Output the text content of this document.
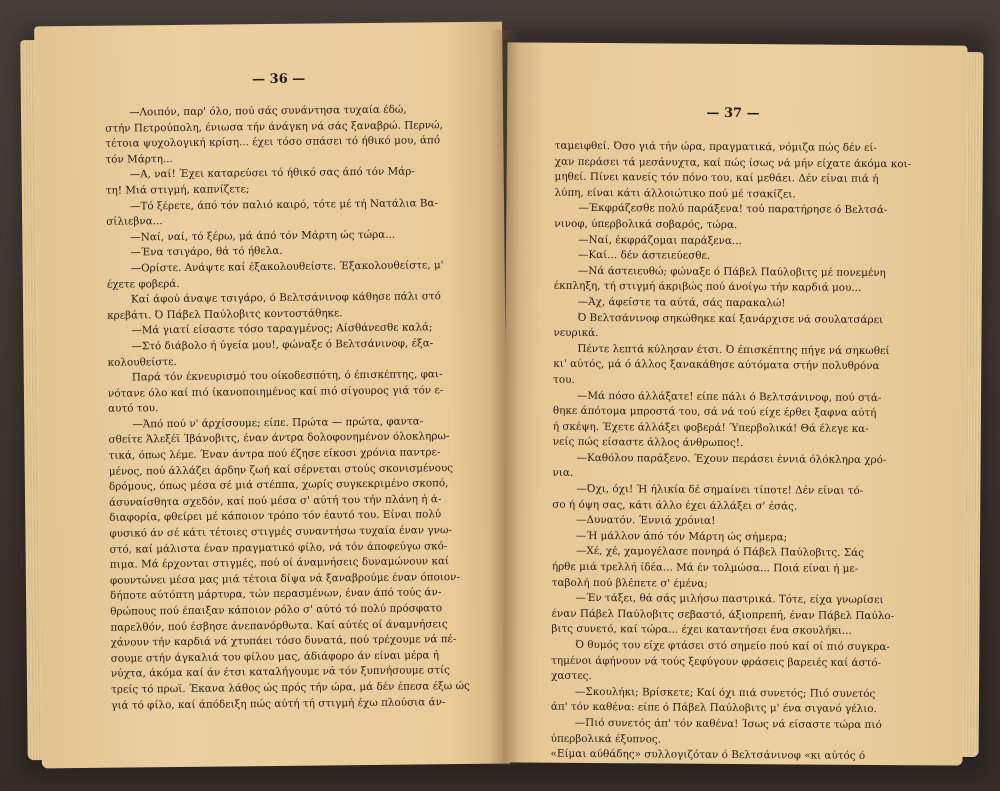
— 36 —
—Λοιπόν, παρ' όλο, πού σάς συνάντησα τυχαία έδώ,
στήν Πετρούπολη, ένιωσα τήν άνάγκη νά σάς ξαναβρώ. Περνώ,
τέτοια ψυχολογική κρίση... έχει τόσο σπάσει τό ήθικό μου, άπό
τόν Μάρτη...
—Α, ναί! Έχει καταρεύσει τό ήθικό σας άπό τόν Μάρ-
τη! Μιά στιγμή, καπνίζετε;
—Τό ξέρετε, άπό τόν παλιό καιρό, τότε μέ τή Νατάλια Βα-
σίλιεβνα...
—Ναί, ναί, τό ξέρω, μά άπό τόν Μάρτη ώς τώρα...
—Ένα τσιγάρο, θά τό ήθελα.
—Ορίστε. Ανάψτε καί έξακολουθείστε. Έξακολουθείστε, μ'
έχετε φοβερά.
Καί άφού άναψε τσιγάρο, ό Βελτσάνινοφ κάθησε πάλι στό
κρεβάτι. Ό Πάβελ Παύλοβιτς κοντοστάθηκε.
—Μά γιατί είσαστε τόσο ταραγμένος; Αίσθάνεσθε καλά;
—Στό διάβολο ή ύγεία μου!, φώναξε ό Βελτσάνινοφ, έξα-
κολουθείστε.
Παρά τόν έκνευρισμό του οίκοδεσπότη, ό έπισκέπτης, φαι-
νότανε όλο καί πιό ίκανοποιημένος καί πιό σίγουρος γιά τόν ε-
αυτό του.
—Άπό πού ν' άρχίσουμε; είπε. Πρώτα — πρώτα, φαντα-
σθείτε Άλεξέϊ Ίβάνοβιτς, έναν άντρα δολοφονημένον όλοκληρω-
τικά, όπως λέμε. Έναν άντρα πού έζησε είκοσι χρόνια παντρε-
μένος, πού άλλάζει άρδην ζωή καί σέρνεται στούς σκονισμένους
δρόμους, όπως μέσα σέ μιά στέππα, χωρίς συγκεκριμένο σκοπό,
άσυναίσθητα σχεδόν, καί πού μέσα σ' αύτή του τήν πλάνη ή ά-
διαφορία, φθείρει μέ κάποιον τρόπο τόν έαυτό του. Είναι πολύ
φυσικό άν σέ κάτι τέτοιες στιγμές συναντήσω τυχαία έναν γνω-
στό, καί μάλιστα έναν πραγματικό φίλο, νά τόν άποφεύγω σκό-
πιμα. Μά έρχονται στιγμές, πού οί άναμνήσεις δυναμώνουν καί
φουντώνει μέσα μας μιά τέτοια δίψα νά ξαναβρούμε έναν όποιον-
δήποτε αύτόπτη μάρτυρα, τών περασμένων, έναν άπό τούς άν-
θρώπους πού έπαιξαν κάποιον ρόλο σ' αύτό τό πολύ πρόσφατο
παρελθόν, πού έσβησε άνεπανόρθωτα. Καί αύτές οί άναμνήσεις
χάνουν τήν καρδιά νά χτυπάει τόσο δυνατά, πού τρέχουμε νά πέ-
σουμε στήν άγκαλιά του φίλου μας, άδιάφορο άν είναι μέρα ή
νύχτα, άκόμα καί άν έτσι καταλήγουμε νά τόν ξυπνήσουμε στίς
τρείς τό πρωϊ. Έκανα λάθος ώς πρός τήν ώρα, μά δέν έπεσα έξω ώς
γιά τό φίλο, καί άπόδειξη πώς αύτή τή στιγμή έχω πλούσια άν-
— 37 —
ταμειφθεί. Όσο γιά τήν ώρα, πραγματικά, νόμιζα πώς δέν εί-
χαν περάσει τά μεσάνυχτα, καί πώς ίσως νά μήν είχατε άκόμα κοι-
μηθεί. Πίνει κανείς τόν πόνο του, καί μεθάει. Δέν είναι πιά ή
λύπη, είναι κάτι άλλοιώτικο πού μέ τσακίζει.
—Έκφράζεσθε πολύ παράξενα! τού παρατήρησε ό Βελτσά-
νινοφ, ύπερβολικά σοβαρός, τώρα.
—Ναί, έκφράζομαι παράξενα...
—Καί... δέν άστειεύεσθε.
—Νά άστειευθώ; φώναξε ό Πάβελ Παύλοβιτς μέ πονεμένη
έκπληξη, τή στιγμή άκριβώς πού άνοίγω τήν καρδιά μου...
—Άχ, άφείστε τα αύτά, σάς παρακαλώ!
Ό Βελτσάνινοφ σηκώθηκε καί ξανάρχισε νά σουλατσάρει
νευρικά.
Πέντε λεπτά κύλησαν έτσι. Ό έπισκέπτης πήγε νά σηκωθεί
κι' αύτός, μά ό άλλος ξανακάθησε αύτόματα στήν πολυθρόνα
του.
—Μά πόσο άλλάξατε! είπε πάλι ό Βελτσάνινοφ, πού στά-
θηκε άπότομα μπροστά του, σά νά τού είχε έρθει ξαφνα αύτή
ή σκέψη. Έχετε άλλάξει φοβερά! Ύπερβολικά! Θά έλεγε κα-
νείς πώς είσαστε άλλος άνθρωπος!.
—Καθόλου παράξενο. Έχουν περάσει έννιά όλόκληρα χρό-
νια.
—Όχι, όχι! Ή ήλικία δέ σημαίνει τίποτε! Δέν είναι τό-
σο ή όψη σας, κάτι άλλο έχει άλλάξει σ' έσάς.
—Δυνατόν. Έννιά χρόνια!
—Ή μάλλον άπό τόν Μάρτη ώς σήμερα;
—Χέ, χέ, χαμογέλασε πονηρά ό Πάβελ Παύλοβιτς. Σάς
ήρθε μιά τρελλή ίδέα... Μά έν τολμώσα... Ποιά είναι ή με-
ταβολή πού βλέπετε σ' έμένα;
—Έν τάξει, θά σάς μιλήσω παστρικά. Τότε, είχα γνωρίσει
έναν Πάβελ Παύλοβιτς σεβαστό, άξιοπρεπή, έναν Πάβελ Παύλο-
βιτς συνετό, καί τώρα... έχει καταντήσει ένα σκουλήκι...
Ό θυμός του είχε φτάσει στό σημείο πού καί οί πιό συγκρα-
τημένοι άφήνουν νά τούς ξεφύγουν φράσεις βαρειές καί άστό-
χαστες.
—Σκουλήκι; Βρίσκετε; Καί όχι πιά συνετός; Πιό συνετός
άπ' τόν καθένα: είπε ό Πάβελ Παύλοβιτς μ' ένα σιγανό γέλιο.
—Πιό συνετός άπ' τόν καθένα! Ίσως νά είσαστε τώρα πιό
ύπερβολικά έξυπνος.
«Είμαι αύθάδης» συλλογιζόταν ό Βελτσάνινοφ «κι αύτός ό
